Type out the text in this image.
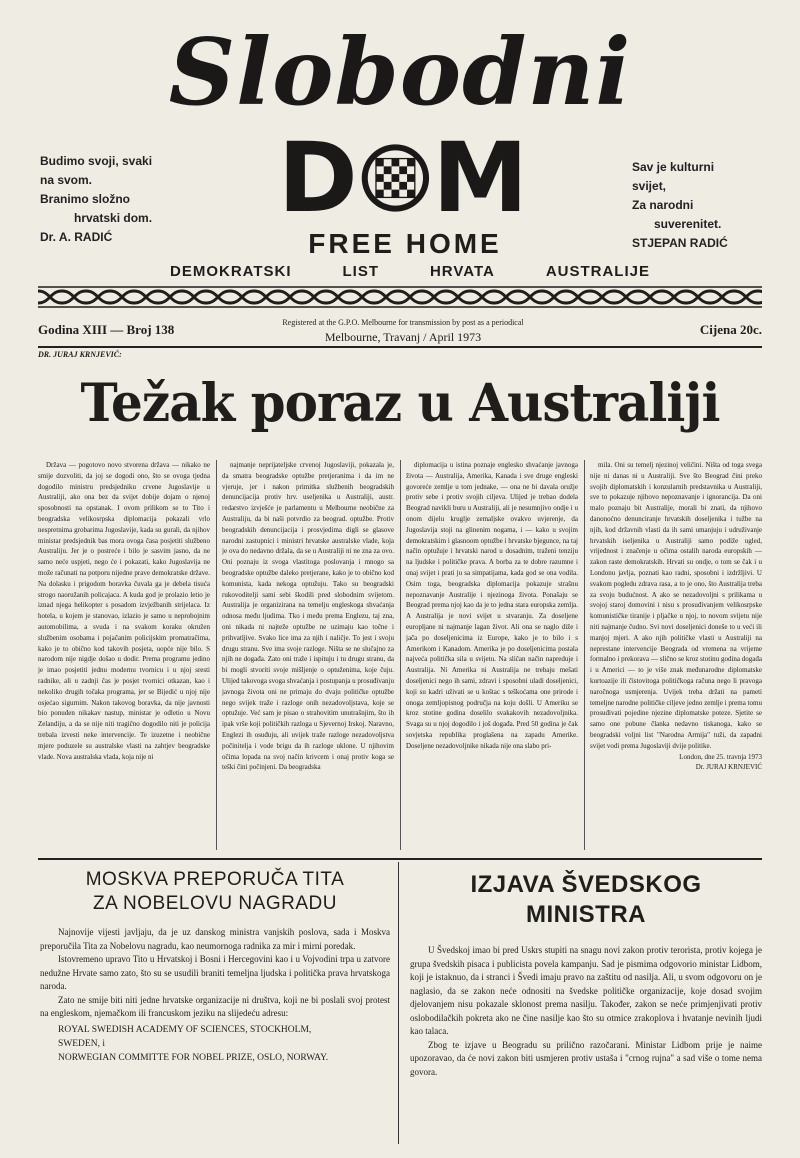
Slobodni
Budimo svoji, svaki
na svom.
Branimo složno
hrvatski dom.
Dr. A. RADIĆ
Sav je kulturni
svijet,
Za narodni
suverenitet.
STJEPAN RADIĆ
D M
FREE HOME
DEMOKRATSKI	LIST	HRVATA	AUSTRALIJE
Godina XIII — Broj 138	Registered at the G.P.O. Melbourne for transmission by post as a periodical
Melbourne, Travanj / April 1973	Cijena 20c.
DR. JURAJ KRNJEVIĆ:
Težak poraz u Australiji

Država — pogotovo novo stvorena država — nikako ne smije dozvoliti, da joj se dogodi ono, što se ovoga tjedna dogodilo ministru predsjedniku crvene Jugoslavije u Australiji, ako ona bez da svijet dobije dojam o njenoj sposobnosti na opstanak. I ovom prilikom se to Tito i beogradska velikosrpska diplomacija pokazali vrlo nespretnima grobarima Jugoslavije, kada su gurali, da njihov ministar predsjednik bas mora ovoga časa posjetiti službeno Australiju. Jer je o postreće i bilo je sasvim jasno, da ne samo neće uspjeti, nego će i pokazati, kako Jugoslavija ne može računati na potporu nijedne prave demokratske države. Na dolasku i prigodom boravka čuvala ga je debela tisuća strogo naoružanih policajaca. A kuda god je prolazio letio je iznad njega helikopter s posadom izvježbanih strijelaca. Iz hotela, u kojem je stanovao, izlazio je samo u neprobojnim automobilima, a svuda i na svakom koraku okružen službenim osobama i pojačanim policijskim promatračima, kako je to obično kod takovih posjeta, uopće nije bilo. S narodom nije nigdje došao u dodir. Prema programu jedino je imao posjetiti jednu modernu tvornicu i u njoj sresti radnike, ali u zadnji čas je posjet tvornici otkazan, kao i nekoliko drugih točaka programa, jer se Bijedić u njoj nije osjećao sigurnim. Nakon takovog boravka, da nije javnosti bio ponuđen nikakav nastup, ministar je odletio u Novu Zelandiju, a da se nije niti tragično dogodilo niti je policija trebala izvesti neke intervencije. Te izuzetne i neobične mjere poduzele su australske vlasti na zahtjev beogradske vlade. Nova australska vlada, koja nije ni

najmanje neprijateljske crvenoj Jugoslaviji, pokazala je, da smatra beogradske optužbe pretjeranima i da im ne vjeruje, jer i nakon primitka službenih beogradskih denuncijacija protiv hrv. useljenika u Australiji, austr. redarstvo izvješće je parlamentu u Melbourne neobične za Australiju, da bi naši potvrdio za beograd. optužbe. Protiv beogradskih denuncijacija i prosvjedima digli se glasove narodni zastupnici i ministri hrvatske australske vlade, koja je ova do nedavno držala, da se u Australiji ni ne zna za ovo. Oni poznaju iz svoga vlastitoga poslovanja i mnogo sa beogradske optužbe daleko pretjerane, kako je to obično kod komunista, kada nekoga optužuju. Tako su beogradski rukovoditelji sami sebi škodili pred slobodnim svijetom. Australija je organizirana na temelju engleskoga shvaćanja odnosa među ljudima. Tko i među prema Englezu, taj zna, oni nikada ni najteže optužbe ne uzimaju kao točne i prihvatljive. Svako lice ima za njih i naličje. To jest i svoju drugu stranu. Sve ima svoje razloge. Ništa se ne slučajno za njih ne događa. Zato oni traže i ispituju i tu drugu stranu, da bi mogli stvoriti svoje mišljenje o optuženima, koje čuju. Ulijed takovoga svoga shvaćanja i postupanja u prosuđivanju javnoga života oni ne primaju do dvaju političke optužbe nego svijek traže i razloge onih nezadovoljstava, koje se optužuje. Već sam je pisao o strahovitim unutrašnjim, što ih ipak vrše koji političkih razloga u Sjevernoj Irskoj. Naravno, Englezi ih osuđuju, ali uvijek traže razloge nezadovoljstva počinitelja i vode brigu da ih razloge uklone. U njihovim očima lopada na svoj način krivcem i onaj protiv koga se teški čini počinjeni. Da beogradska

diplomacija u istina poznaje englesko shvaćanje javnoga života — Australija, Amerika, Kanada i sve druge engleski govoreće zemlje u tom jednake, — ona ne bi davala oružje protiv sebe i protiv svojih ciljeva. Ulijed je trebao dodela Beograd navikli buru u Australiji, ali je nesumnjivo ondje i u onom dijelu kruglje zemaljske ovakvo uvjerenje, da Jugoslavija stoji na glinenim nogama, i — kako u svojim demokratskim i glasnoom optužbe i hrvatske bjegunce, na taj način optužuje i hrvatski narod u dosadnim, traženi tenziju na ljudske i političke prava. A borba za te dobre razumne i onaj svijet i prati ju sa simpatijama, kada god se ona vodila. Osim toga, beogradska diplomacija pokazuje strašnu nepoznavanje Australije i njezinoga života. Ponašaju se Beograd prema njoj kao da je to jedna stara europska zemlja. A Australija je novi svijet u stvaranju. Za doseljene europljane ni najmanje lagan život. Ali ona se naglo diže i jača po doseljenicima iz Europe, kako je to bilo i s Amerikom i Kanadom. Amerika je po doseljenicima postala najveća politička sila u svijetu. Na sličan način napreduje i Australija. Ni Amerika ni Australija ne trebaju mešati doseljenici nego ih sami, zdravi i sposobni uladi doseljenici, koji su kadri uživati se u koštac s teškoćama one prirode i onoga zemljopisnog područja na koju došli. U Ameriku se kroz stotine godina doselilo svakakovih nezadovoljnika. Svaga su u njoj dogodilo i još događa. Pred 50 godina je čak sovjetska republika proglašena na zapadu Amerike. Doseljene nezadovoljnike nikada nije ona slabo pri-

mila. Oni su temelj njezinoj veličini. Ništa od toga svega nije ni danas ni u Australiji. Sve što Beograd čini preko svojih diplomatskih i konzularnih predstavnika u Australiji, sve to pokazuje njihovo nepoznavanje i ignorancija. Da oni malo poznaju bit Australije, morali bi znati, da njihovo danonoćno denunciranje hrvatskih doseljenika i tužbe na njih, kod državnih vlasti da ih sami umanjuju i udruživanje hrvatskih iseljenika u Australiji samo podiže ugled, vrijednost i značenje u očima ostalih naroda europskih — zakon raste demokratskih. Hrvati su ondje, o tom se čak i u Londonu javlja, poznati kao radni, sposobni i izdržljivi. U svakom pogledu zdrava rasa, a to je ono, što Australija treba za svoju budućnost. A ako se nezadovoljni s prilikama u svojoj staroj domovini i nisu s prosuđivanjem velikosrpske komunističke tiranije i pljačke u njoj, to novom svijetu nije niti najmanje čudno. Svi novi doseljenici doneše to u veći ili manjoj mjeri. A ako njih političke vlasti u Australiji na neprestane intervencije Beograda od vremena na vrijeme formalno i prekorava — slično se kroz stotinu godina događa i u Americi — to je više znak međunarodne diplomatske kurtoazije ili čistovitoga političkoga računa nego li pravoga naročnoga usmjerenja. Uvijek treba držati na pameti temeljne narodne političke ciljeve jedno zemlje i prema tomu prosuđivati pojedine njezine diplomatske poteze. Sjetite se samo one pobune članka nedavno tiskanoga, kako se beogradski voljni list "Narodna Armija" tuži, da zapadni svijet vodi prema Jugoslaviji dvije politike.

London, dne 25. travnja 1973
Dr. JURAJ KRNJEVIĆ
MOSKVA PREPORUČA TITA
ZA NOBELOVU NAGRADU

Najnovije vijesti javljaju, da je uz danskog ministra vanjskih poslova, sada i Moskva preporučila Tita za Nobelovu nagradu, kao neumornoga radnika za mir i mirni poredak.

Istovremeno upravo Tito u Hrvatskoj i Bosni i Hercegovini kao i u Vojvodini trpa u zatvore nedužne Hrvate samo zato, što su se usudili braniti temeljna ljudska i politička prava hrvatskoga naroda.

Zato ne smije biti niti jedne hrvatske organizacije ni društva, koji ne bi poslali svoj protest na engleskom, njemačkom ili francuskom jeziku na slijedeću adresu:

ROYAL SWEDISH ACADEMY OF SCIENCES, STOCKHOLM,
SWEDEN, i
NORWEGIAN COMMITTE FOR NOBEL PRIZE, OSLO, NORWAY.
IZJAVA ŠVEDSKOG MINISTRA

U Švedskoj imao bi pred Uskrs stupiti na snagu novi zakon protiv terorista, protiv kojega je grupa švedskih pisaca i publicista povela kampanju. Sad je pismima odgovorio ministar Lidbom, koji je istaknuo, da i stranci i Švedi imaju pravo na zaštitu od nasilja. Ali, u svom odgovoru on je naglasio, da se zakon neće odnositi na švedske političke organizacije, koje dosad svojim djelovanjem nisu pokazale sklonost prema nasilju. Također, zakon se neće primjenjivati protiv oslobodilačkih pokreta ako ne čine nasilje kao što su otmice zrakoplova i hvatanje nevinih ljudi kao talaca.

Zbog te izjave u Beogradu su prilično razočarani. Ministar Lidbom prije je naime upozoravao, da će novi zakon biti usmjeren protiv ustaša i "crnog rujna" a sad više o tome nema govora.
